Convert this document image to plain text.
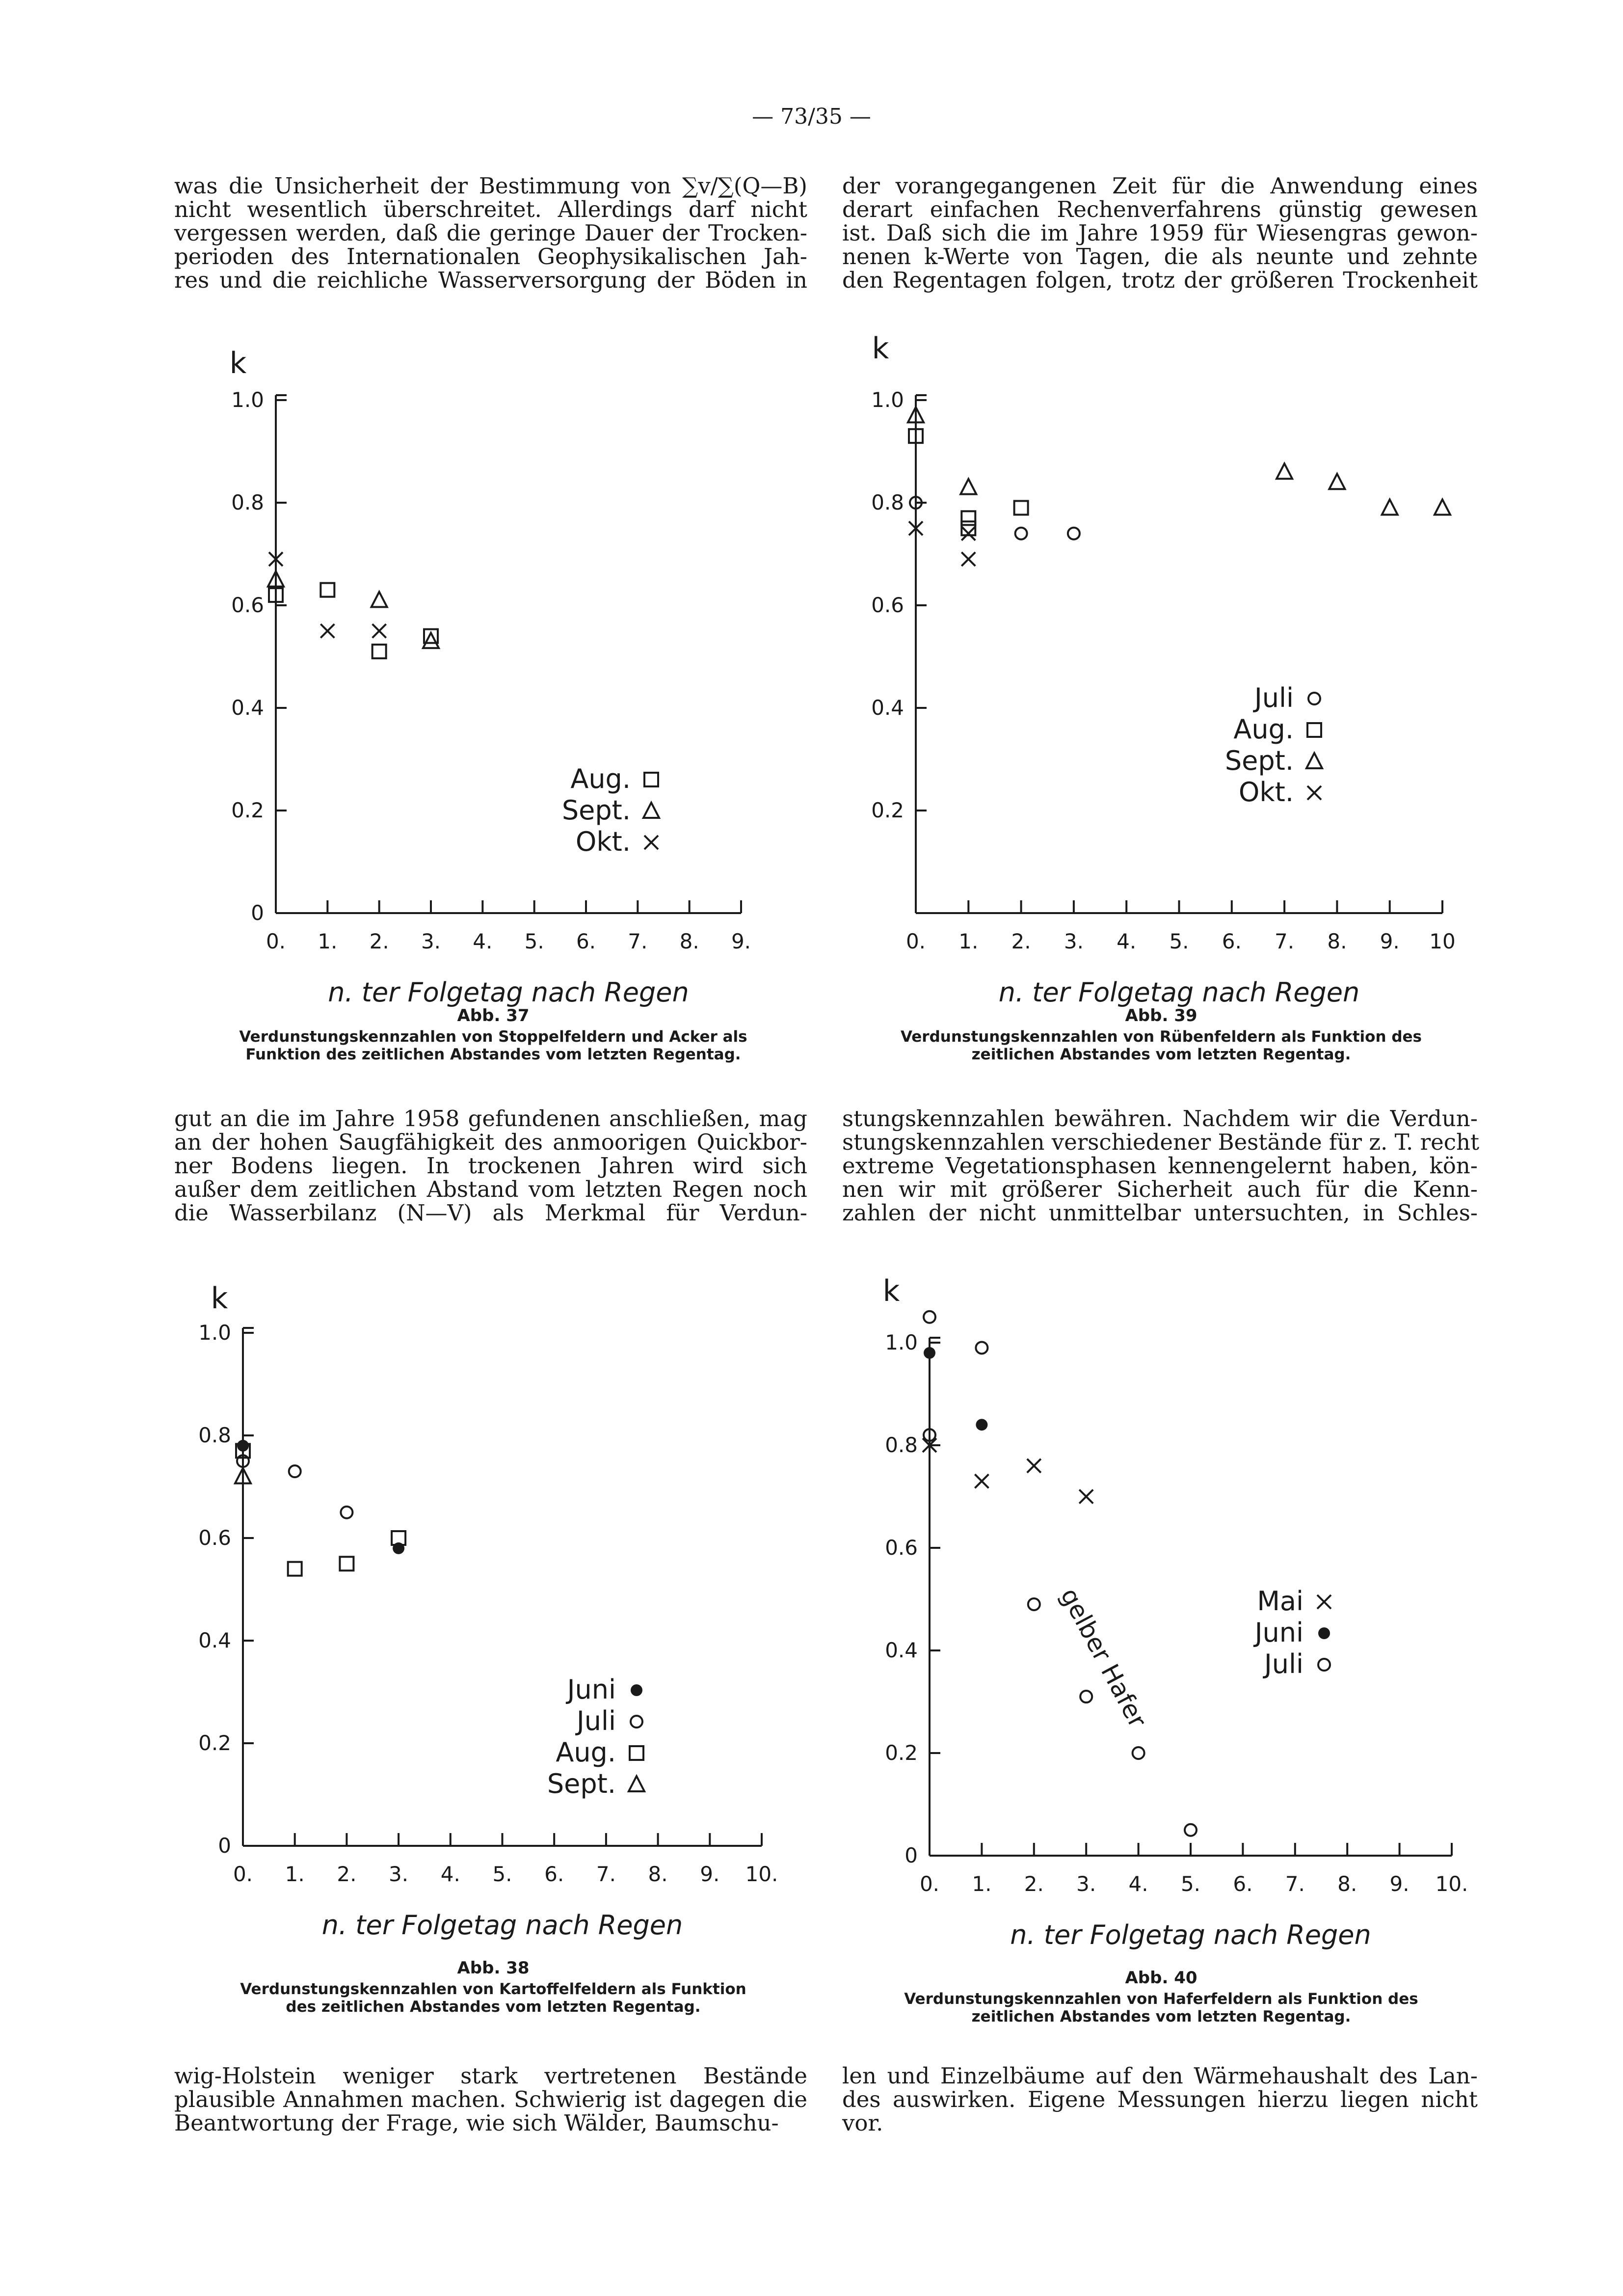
— 73/35 —
was die Unsicherheit der Bestimmung von ∑v/∑(Q—B)
nicht wesentlich überschreitet. Allerdings darf nicht
vergessen werden, daß die geringe Dauer der Trocken-
perioden des Internationalen Geophysikalischen Jah-
res und die reichliche Wasserversorgung der Böden in
der vorangegangenen Zeit für die Anwendung eines
derart einfachen Rechenverfahrens günstig gewesen
ist. Daß sich die im Jahre 1959 für Wiesengras gewon-
nenen k-Werte von Tagen, die als neunte und zehnte
den Regentagen folgen, trotz der größeren Trockenheit
0. 1. 2. 3. 4. 5. 6. 7. 8. 9.
0
0.2
0.4
0.6
0.8
1.0
k
n. ter Folgetag nach Regen
Aug.
Sept.
Okt.
Abb. 37
Verdunstungskennzahlen von Stoppelfeldern und Acker als
Funktion des zeitlichen Abstandes vom letzten Regentag.
0. 1. 2. 3. 4. 5. 6. 7. 8. 9. 10
0.2
0.4
0.6
0.8
1.0
k
n. ter Folgetag nach Regen
Juli
Aug.
Sept.
Okt.
Abb. 39
Verdunstungskennzahlen von Rübenfeldern als Funktion des
zeitlichen Abstandes vom letzten Regentag.
gut an die im Jahre 1958 gefundenen anschließen, mag
an der hohen Saugfähigkeit des anmoorigen Quickbor-
ner Bodens liegen. In trockenen Jahren wird sich
außer dem zeitlichen Abstand vom letzten Regen noch
die Wasserbilanz (N—V) als Merkmal für Verdun-
stungskennzahlen bewähren. Nachdem wir die Verdun-
stungskennzahlen verschiedener Bestände für z. T. recht
extreme Vegetationsphasen kennengelernt haben, kön-
nen wir mit größerer Sicherheit auch für die Kenn-
zahlen der nicht unmittelbar untersuchten, in Schles-
0. 1. 2. 3. 4. 5. 6. 7. 8. 9. 10.
0
0.2
0.4
0.6
0.8
1.0
k
n. ter Folgetag nach Regen
Juni
Juli
Aug.
Sept.
Abb. 38
Verdunstungskennzahlen von Kartoffelfeldern als Funktion
des zeitlichen Abstandes vom letzten Regentag.
0. 1. 2. 3. 4. 5. 6. 7. 8. 9. 10.
0
0.2
0.4
0.6
0.8
1.0
k
n. ter Folgetag nach Regen
Mai
Juni
Juli
gelber Hafer
Abb. 40
Verdunstungskennzahlen von Haferfeldern als Funktion des
zeitlichen Abstandes vom letzten Regentag.
wig-Holstein weniger stark vertretenen Bestände
plausible Annahmen machen. Schwierig ist dagegen die
Beantwortung der Frage, wie sich Wälder, Baumschu-
len und Einzelbäume auf den Wärmehaushalt des Lan-
des auswirken. Eigene Messungen hierzu liegen nicht
vor.
